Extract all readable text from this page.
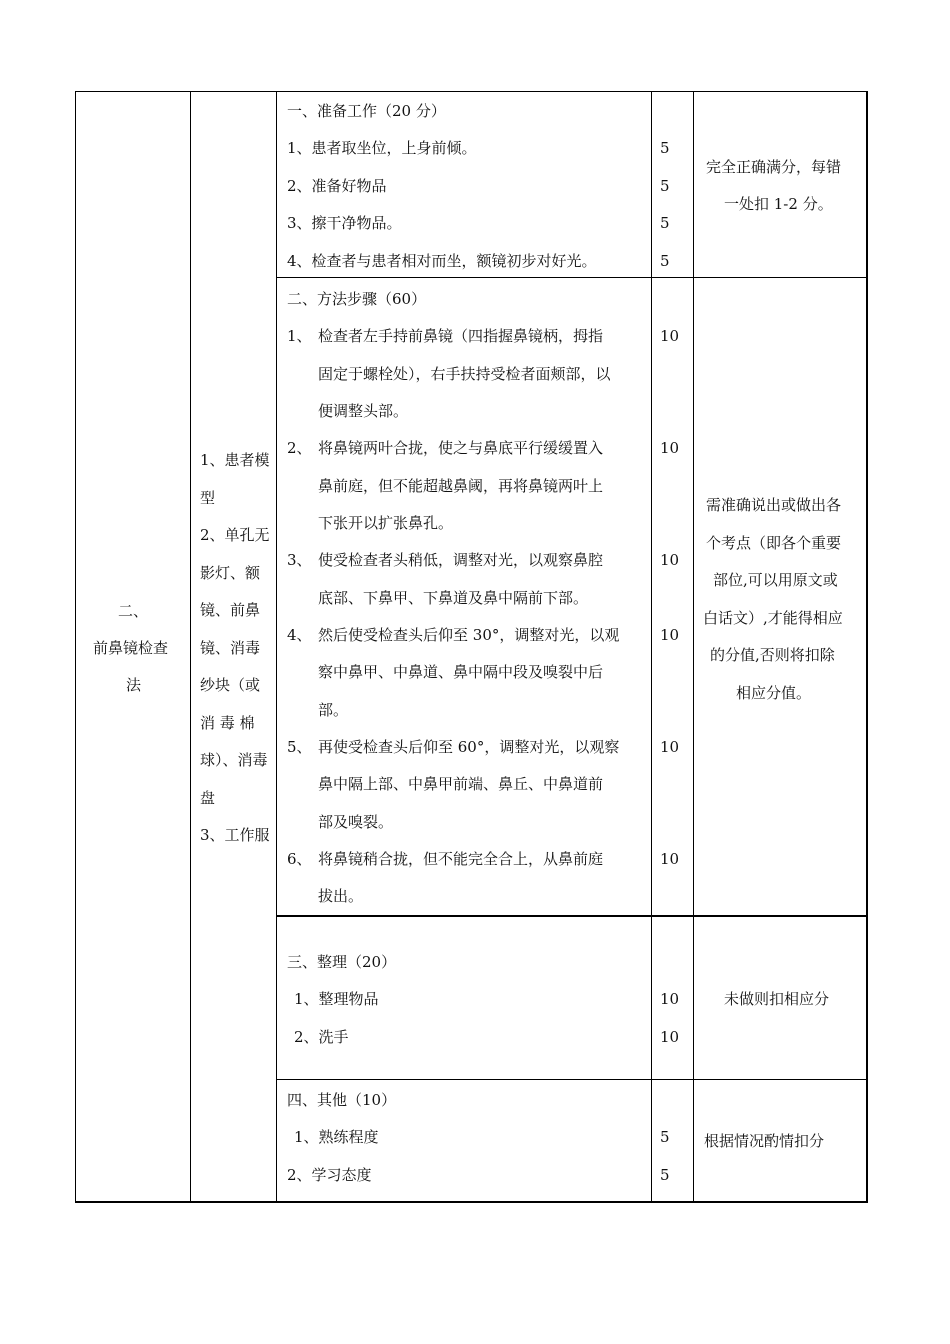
二、
前鼻镜检查
法
1、患者模
型
2、单孔无
影灯、额
镜、前鼻
镜、消毒
纱块（或
消 毒 棉
球）、消毒
盘
3、工作服
一、准备工作（20 分）
1、患者取坐位，上身前倾。
2、准备好物品
3、擦干净物品。
4、检查者与患者相对而坐，额镜初步对好光。
5
5
5
5
完全正确满分，每错
一处扣 1-2 分。
二、方法步骤（60）
1、 检查者左手持前鼻镜（四指握鼻镜柄，拇指
固定于螺栓处），右手扶持受检者面颊部，以
便调整头部。
10
2、 将鼻镜两叶合拢，使之与鼻底平行缓缓置入
鼻前庭，但不能超越鼻阈，再将鼻镜两叶上
下张开以扩张鼻孔。
10
3、 使受检查者头稍低，调整对光，以观察鼻腔
底部、下鼻甲、下鼻道及鼻中隔前下部。
10
4、 然后使受检查头后仰至 30°，调整对光，以观
察中鼻甲、中鼻道、鼻中隔中段及嗅裂中后
部。
10
5、 再使受检查头后仰至 60°，调整对光，以观察
鼻中隔上部、中鼻甲前端、鼻丘、中鼻道前
部及嗅裂。
10
6、 将鼻镜稍合拢，但不能完全合上，从鼻前庭
拔出。
10
需准确说出或做出各
个考点（即各个重要
部位,可以用原文或
白话文）,才能得相应
的分值,否则将扣除
相应分值。
三、整理（20）
1、整理物品
2、洗手
10
10
未做则扣相应分
四、其他（10）
1、熟练程度
2、学习态度
5
5
根据情况酌情扣分
